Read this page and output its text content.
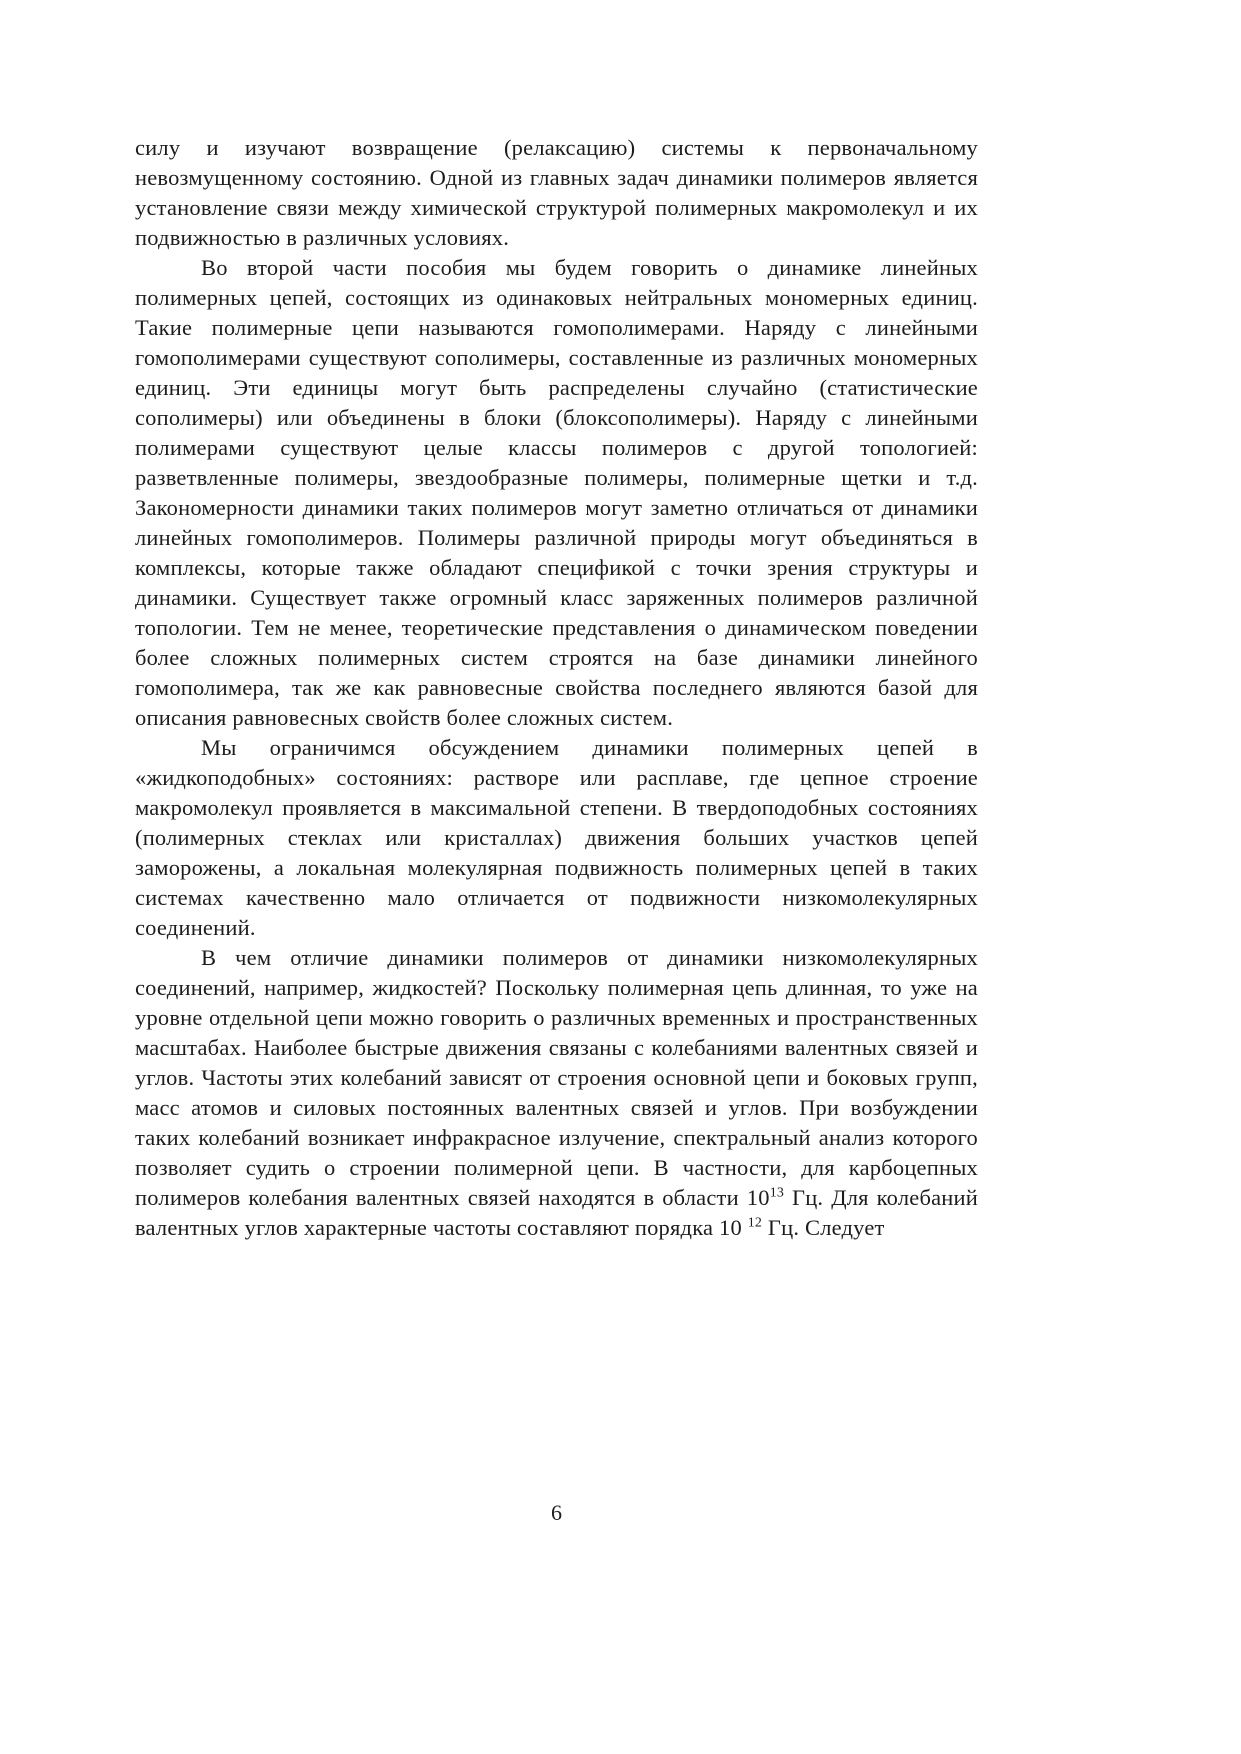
силу и изучают возвращение (релаксацию) системы к первоначальному невозмущенному состоянию. Одной из главных задач динамики полимеров является установление связи между химической структурой полимерных макромолекул и их подвижностью в различных условиях.

Во второй части пособия мы будем говорить о динамике линейных полимерных цепей, состоящих из одинаковых нейтральных мономерных единиц. Такие полимерные цепи называются гомополимерами. Наряду с линейными гомополимерами существуют сополимеры, составленные из различных мономерных единиц. Эти единицы могут быть распределены случайно (статистические сополимеры) или объединены в блоки (блоксополимеры). Наряду с линейными полимерами существуют целые классы полимеров с другой топологией: разветвленные полимеры, звездообразные полимеры, полимерные щетки и т.д. Закономерности динамики таких полимеров могут заметно отличаться от динамики линейных гомополимеров. Полимеры различной природы могут объединяться в комплексы, которые также обладают спецификой с точки зрения структуры и динамики. Существует также огромный класс заряженных полимеров различной топологии. Тем не менее, теоретические представления о динамическом поведении более сложных полимерных систем строятся на базе динамики линейного гомополимера, так же как равновесные свойства последнего являются базой для описания равновесных свойств более сложных систем.

Мы ограничимся обсуждением динамики полимерных цепей в «жидкоподобных» состояниях: растворе или расплаве, где цепное строение макромолекул проявляется в максимальной степени. В твердоподобных состояниях (полимерных стеклах или кристаллах) движения больших участков цепей заморожены, а локальная молекулярная подвижность полимерных цепей в таких системах качественно мало отличается от подвижности низкомолекулярных соединений.

В чем отличие динамики полимеров от динамики низкомолекулярных соединений, например, жидкостей? Поскольку полимерная цепь длинная, то уже на уровне отдельной цепи можно говорить о различных временных и пространственных масштабах. Наиболее быстрые движения связаны с колебаниями валентных связей и углов. Частоты этих колебаний зависят от строения основной цепи и боковых групп, масс атомов и силовых постоянных валентных связей и углов. При возбуждении таких колебаний возникает инфракрасное излучение, спектральный анализ которого позволяет судить о строении полимерной цепи. В частности, для карбоцепных полимеров колебания валентных связей находятся в области $10^{13}$ Гц. Для колебаний валентных углов характерные частоты составляют порядка 10 $^{12}$ Гц. Следует

6
